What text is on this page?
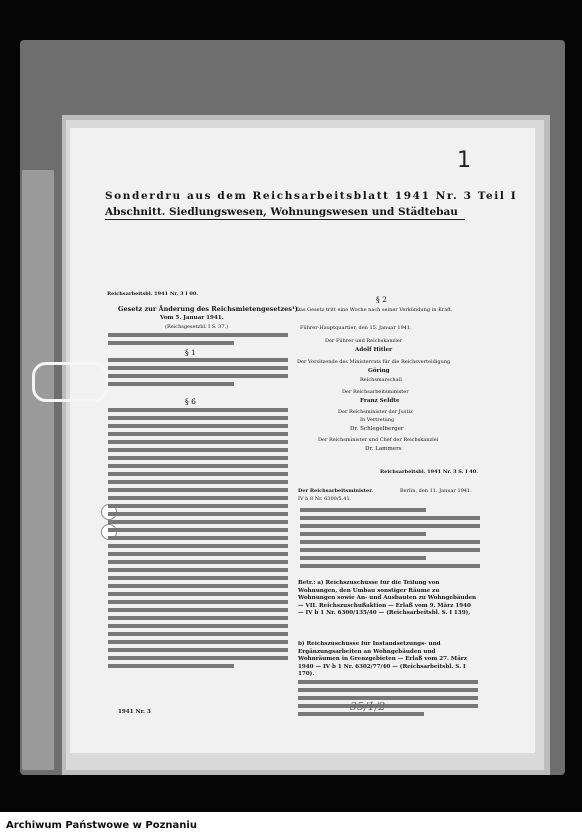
1
Sonderdru aus dem Reichsarbeitsblatt 1941 Nr. 3 Teil I
Abschnitt. Siedlungswesen, Wohnungswesen und Städtebau
Reichsarbeitsbl. 1941 Nr. 3 I 00.
Gesetz zur Änderung des Reichsmietengesetzes¹).
Vom 5. Januar 1941.
(Reichsgesetzbl. I S. 37.)
§ 1
§ 6
1941 Nr. 3
§ 2
Das Gesetz tritt eine Woche nach seiner Verkündung in Kraft.
Führer-Hauptquartier, den 15. Januar 1941.
Der Führer und Reichskanzler
Adolf Hitler
Der Vorsitzende des Ministerrats für die Reichsverteidigung
Göring
Reichsmarschall
Der Reichsarbeitsminister
Franz Seldte
Der Reichsminister der Justiz
In Vertretung
Dr. Schlegelberger
Der Reichsminister und Chef der Reichskanzlei
Dr. Lammers
Reichsarbeitsbl. 1941 Nr. 3 S. I 40.
Der Reichsarbeitsminister.
IV b 8 Nr. 6300/5.41.
Berlin, den 11. Januar 1941.
Betr.: a) Reichszuschüsse für die Teilung von Wohnungen, den Umbau sonstiger Räume zu Wohnungen sowie An- und Ausbauten zu Wohngebäuden — VII. Reichszuschußaktion — Erlaß vom 9. März 1940 — IV b 1 Nr. 6300/135/40 — (Reichsarbeitsbl. S. I 139),
b) Reichszuschüsse für Instandsetzungs- und Ergänzungsarbeiten an Wohngebäuden und Wohnräumen in Grenzgebieten — Erlaß vom 27. März 1940 — IV b 1 Nr. 6302/77/40 — (Reichsarbeitsbl. S. I 170).
35/1/2
Archiwum Państwowe w Poznaniu
